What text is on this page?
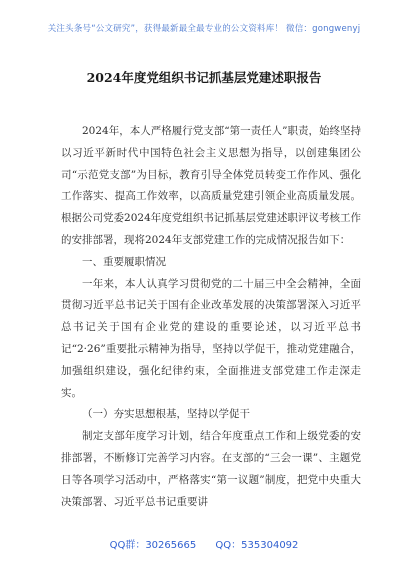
关注头条号“公文研究”，获得最新最全最专业的公文资料库！ 微信：gongwenyj
2024年度党组织书记抓基层党建述职报告

2024年，本人严格履行党支部“第一责任人”职责，始终坚持以习近平新时代中国特色社会主义思想为指导，以创建集团公司“示范党支部”为目标，教育引导全体党员转变工作作风、强化工作落实、提高工作效率，以高质量党建引领企业高质量发展。根据公司党委2024年度党组织书记抓基层党建述职评议考核工作的安排部署，现将2024年支部党建工作的完成情况报告如下：

一、重要履职情况

一年来，本人认真学习贯彻党的二十届三中全会精神，全面贯彻习近平总书记关于国有企业改革发展的决策部署深入习近平总书记关于国有企业党的建设的重要论述，以习近平总书记“2·26”重要批示精神为指导，坚持以学促干，推动党建融合，加强组织建设，强化纪律约束，全面推进支部党建工作走深走实。

（一）夯实思想根基，坚持以学促干

制定支部年度学习计划，结合年度重点工作和上级党委的安排部署，不断修订完善学习内容。在支部的“三会一课”、主题党日等各项学习活动中，严格落实“第一议题”制度，把党中央重大决策部署、习近平总书记重要讲

QQ群：30265665 QQ：535304092
